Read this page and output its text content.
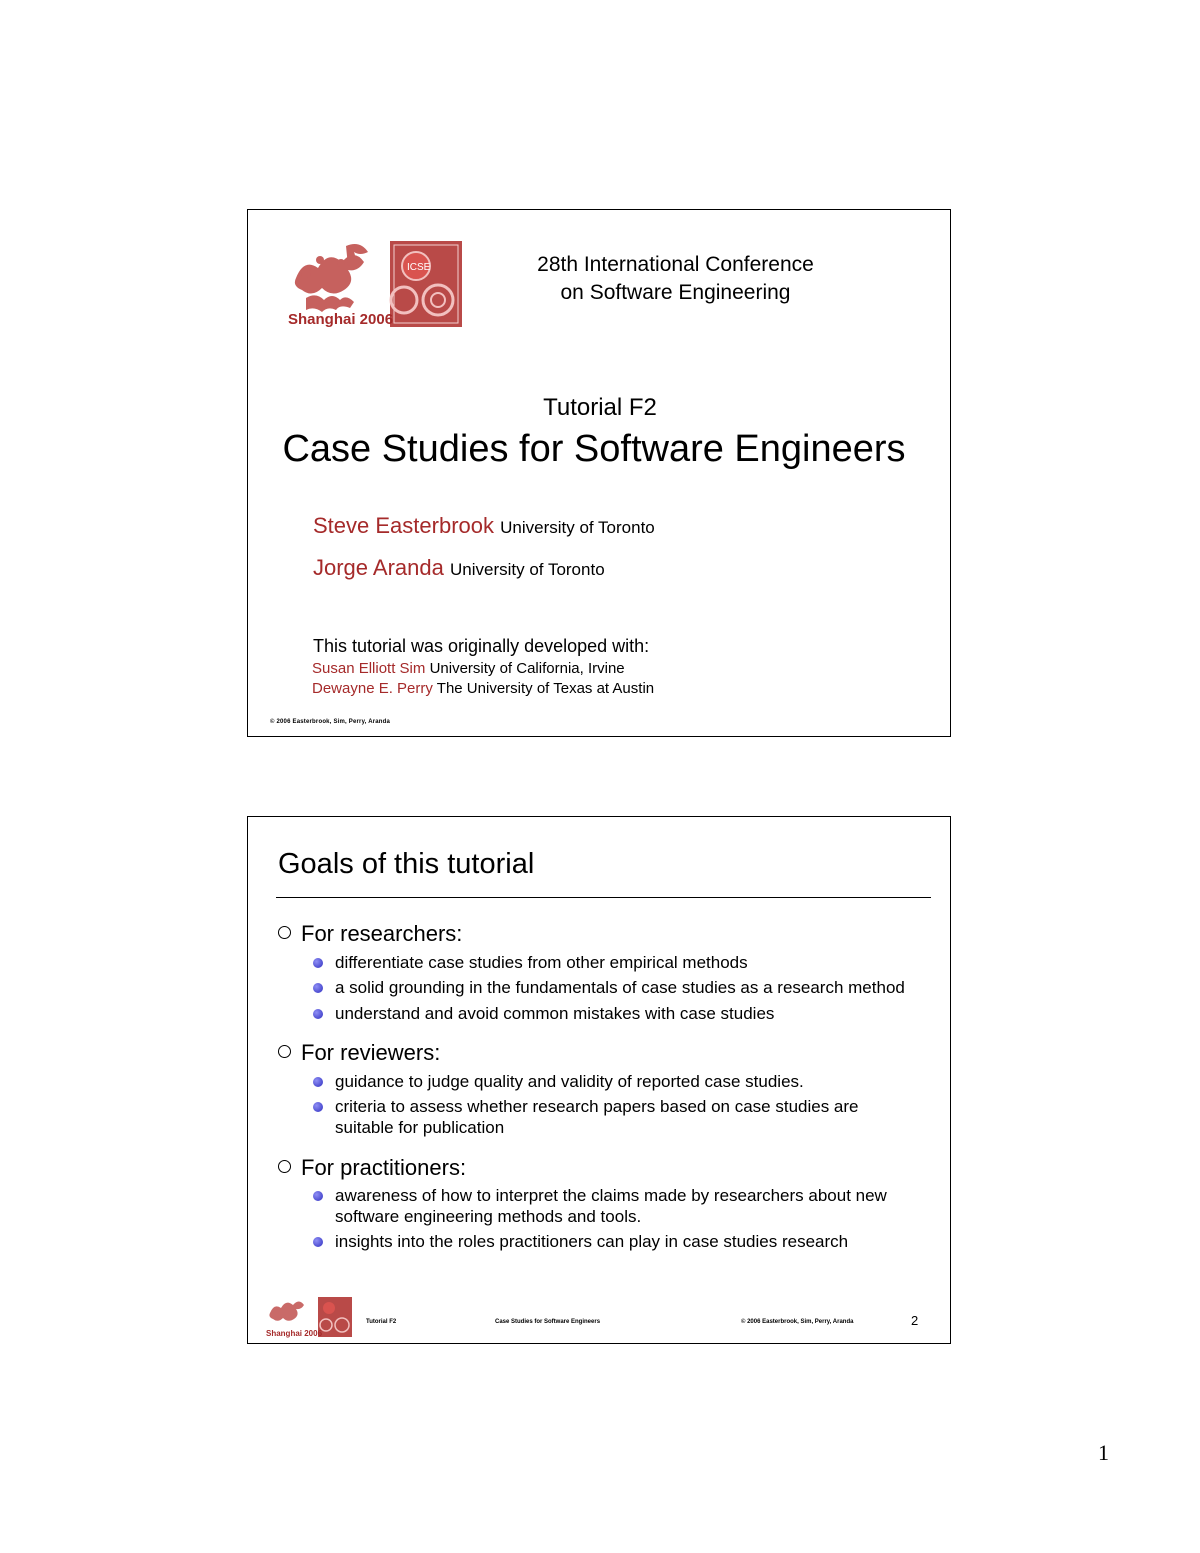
ICSE
Shanghai 2006
28th International Conference
on Software Engineering
Tutorial F2
Case Studies for Software Engineers
Steve Easterbrook University of Toronto
Jorge Aranda University of Toronto
This tutorial was originally developed with:
Susan Elliott Sim University of California, Irvine
Dewayne E. Perry The University of Texas at Austin
© 2006 Easterbrook, Sim, Perry, Aranda
Goals of this tutorial
For researchers:
differentiate case studies from other empirical methods
a solid grounding in the fundamentals of case studies as a research method
understand and avoid common mistakes with case studies
For reviewers:
guidance to judge quality and validity of reported case studies.
criteria to assess whether research papers based on case studies are
suitable for publication
For practitioners:
awareness of how to interpret the claims made by researchers about new
software engineering methods and tools.
insights into the roles practitioners can play in case studies research
Shanghai 2006
Tutorial F2	Case Studies for Software Engineers	© 2006 Easterbrook, Sim, Perry, Aranda	2
1
